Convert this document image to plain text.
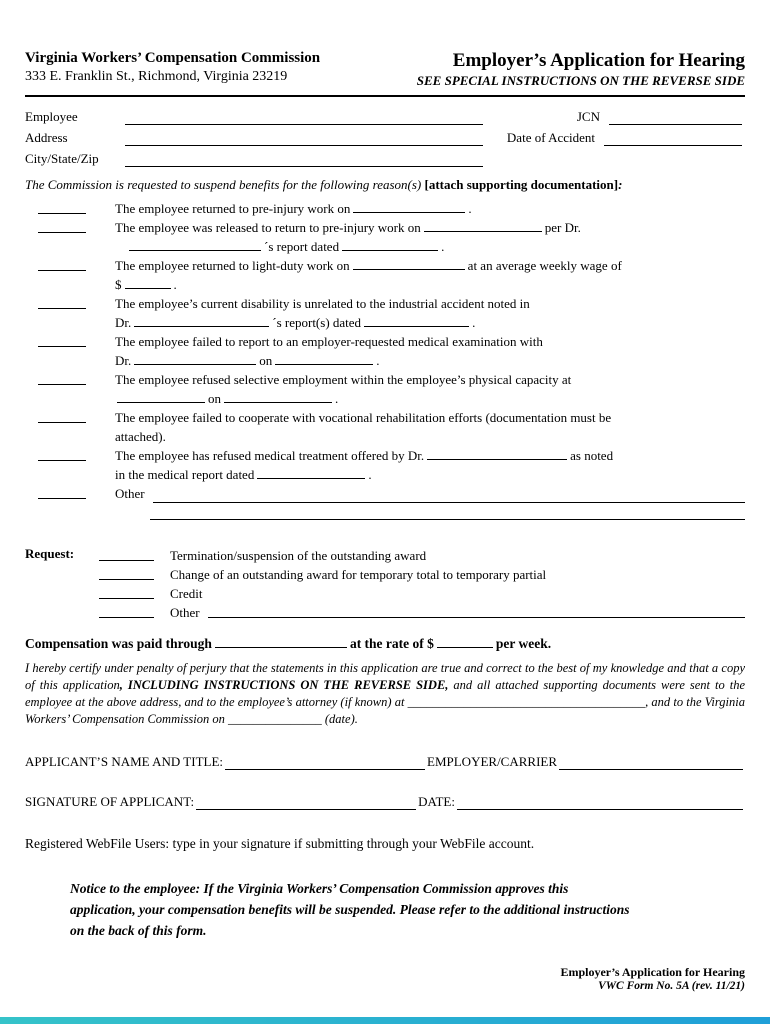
Virginia Workers’ Compensation Commission
333 E. Franklin St., Richmond, Virginia 23219
Employer’s Application for Hearing
SEE SPECIAL INSTRUCTIONS ON THE REVERSE SIDE
Employee	JCN
Address	Date of Accident
City/State/Zip
The Commission is requested to suspend benefits for the following reason(s) [attach supporting documentation]:
The employee returned to pre-injury work on	.
The employee was released to return to pre-injury work on	per Dr.
´s report dated	.
The employee returned to light-duty work on	at an average weekly wage of
$	.
The employee’s current disability is unrelated to the industrial accident noted in
Dr.	´s report(s) dated	.
The employee failed to report to an employer-requested medical examination with
Dr.	on	.
The employee refused selective employment within the employee’s physical capacity at
on	.
The employee failed to cooperate with vocational rehabilitation efforts (documentation must be
attached).
The employee has refused medical treatment offered by Dr.	as noted
in the medical report dated	.
Other
Request:	Termination/suspension of the outstanding award
Change of an outstanding award for temporary total to temporary partial
Credit
Other
Compensation was paid through	at the rate of $	per week.
I hereby certify under penalty of perjury that the statements in this application are true and correct to the best of my knowledge and that a copy of this application, INCLUDING INSTRUCTIONS ON THE REVERSE SIDE, and all attached supporting documents were sent to the employee at the above address, and to the employee’s attorney (if known) at ______________________________________, and to the Virginia Workers’ Compensation Commission on _______________ (date).
APPLICANT’S NAME AND TITLE:	EMPLOYER/CARRIER
SIGNATURE OF APPLICANT:	DATE:
Registered WebFile Users: type in your signature if submitting through your WebFile account.
Notice to the employee: If the Virginia Workers’ Compensation Commission approves this application, your compensation benefits will be suspended. Please refer to the additional instructions on the back of this form.
Employer’s Application for Hearing
VWC Form No. 5A (rev. 11/21)
